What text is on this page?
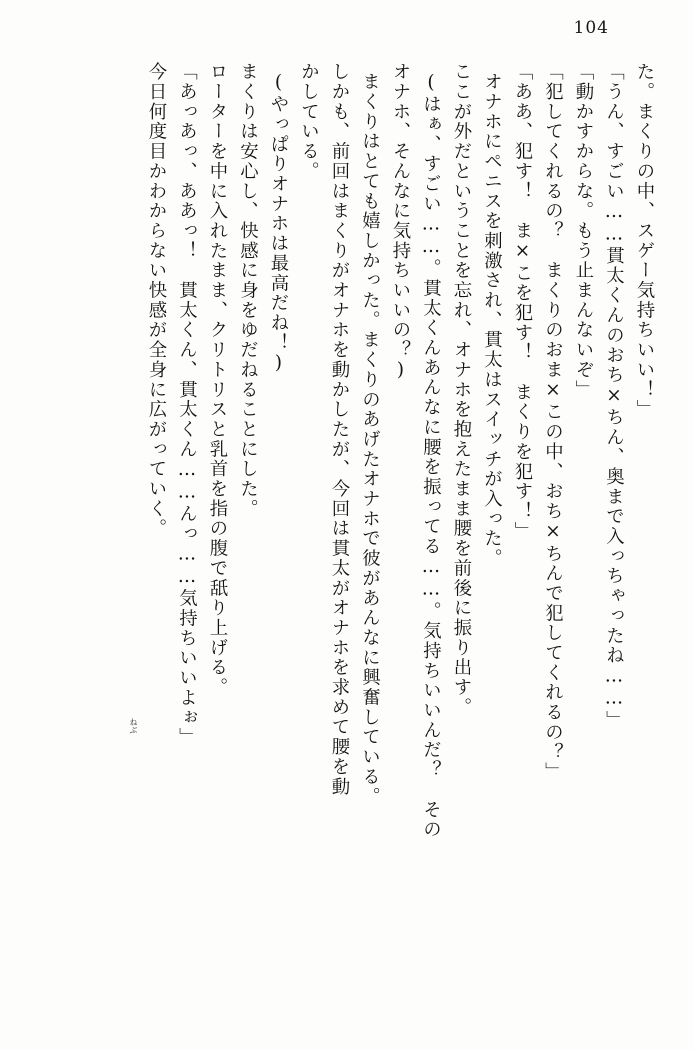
104
た。まくりの中、スゲー気持ちいい！」
「うん、すごい……貫太くんのおち×ちん、奥まで入っちゃったね……」
「動かすからな。もう止まんないぞ」
「犯してくれるの？　まくりのおま×この中、おち×ちんで犯してくれるの？」
「ああ、犯す！　ま×こを犯す！　まくりを犯す！」
オナホにペニスを刺激され、貫太はスイッチが入った。
ここが外だということを忘れ、オナホを抱えたまま腰を前後に振り出す。
(はぁ、すごい……。貫太くんあんなに腰を振ってる……。気持ちいいんだ？　その
オナホ、そんなに気持ちいいの？)
まくりはとても嬉しかった。まくりのあげたオナホで彼があんなに興奮している。
しかも、前回はまくりがオナホを動かしたが、今回は貫太がオナホを求めて腰を動
かしている。
(やっぱりオナホは最高だね！)
まくりは安心し、快感に身をゆだねることにした。
ローターを中に入れたまま、クリトリスと乳首を指の腹で舐り上げる。
「あっあっ、ああっ！　貫太くん、貫太くん……んっ……気持ちいいよぉ」
今日何度目かわからない快感が全身に広がっていく。
ねぶ
